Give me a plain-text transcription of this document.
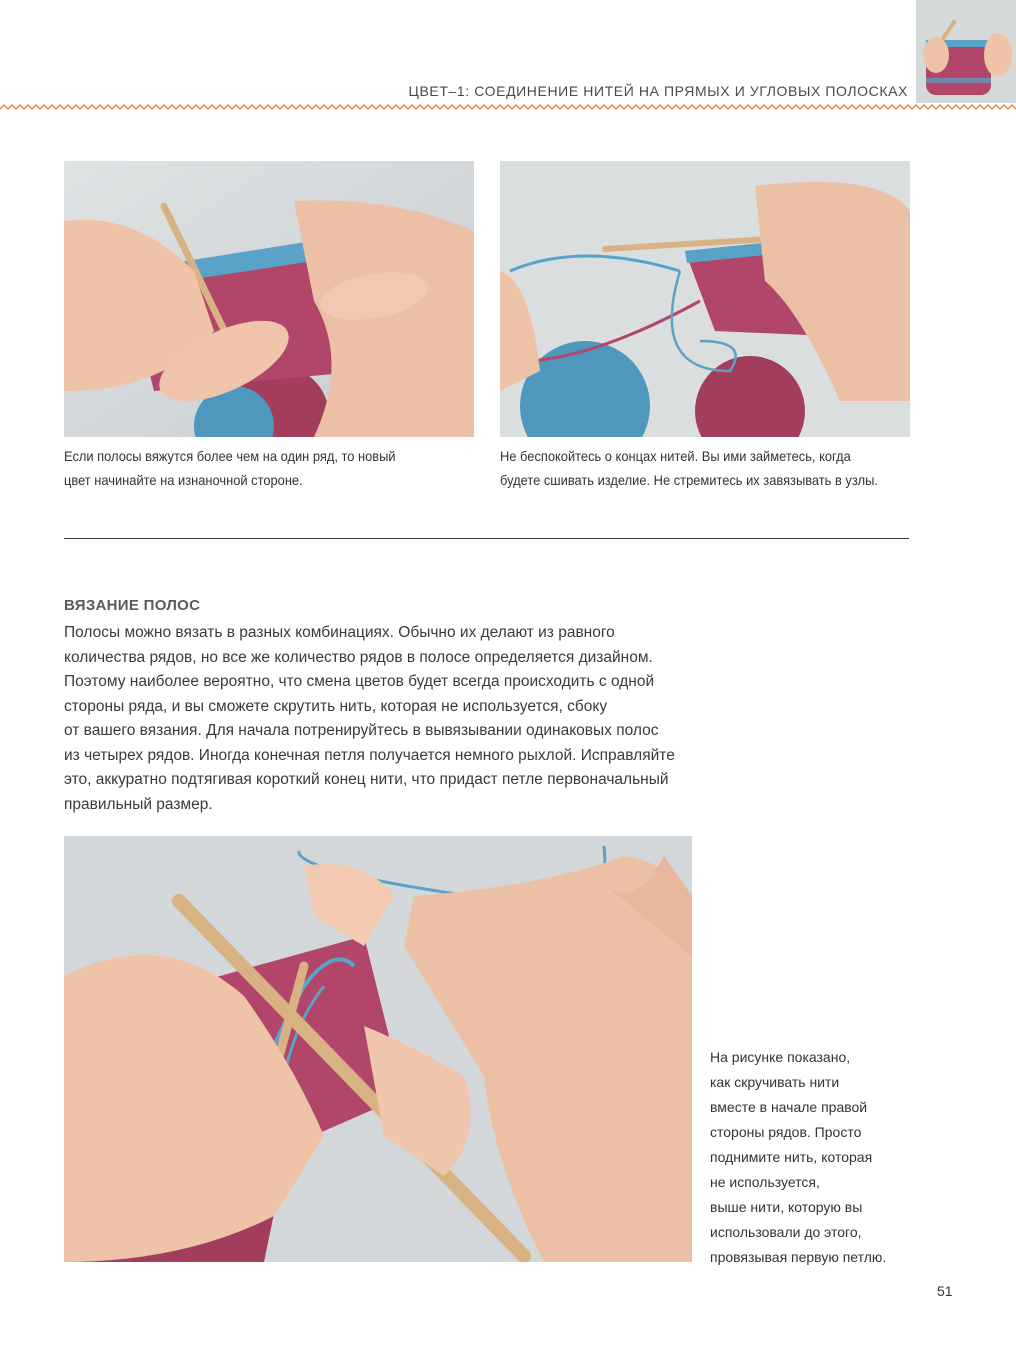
ЦВЕТ–1: СОЕДИНЕНИЕ НИТЕЙ НА ПРЯМЫХ И УГЛОВЫХ ПОЛОСКАХ
Если полосы вяжутся более чем на один ряд, то новый
цвет начинайте на изнаночной стороне.
Не беспокойтесь о концах нитей. Вы ими займетесь, когда
будете сшивать изделие. Не стремитесь их завязывать в узлы.
ВЯЗАНИЕ ПОЛОС
Полосы можно вязать в разных комбинациях. Обычно их делают из равного
количества рядов, но все же количество рядов в полосе определяется дизайном.
Поэтому наиболее вероятно, что смена цветов будет всегда происходить с одной
стороны ряда, и вы сможете скрутить нить, которая не используется, сбоку
от вашего вязания. Для начала потренируйтесь в вывязывании одинаковых полос
из четырех рядов. Иногда конечная петля получается немного рыхлой. Исправляйте
это, аккуратно подтягивая короткий конец нити, что придаст петле первоначальный
правильный размер.
На рисунке показано,
как скручивать нити
вместе в начале правой
стороны рядов. Просто
поднимите нить, которая
не используется,
выше нити, которую вы
использовали до этого,
провязывая первую петлю.
51
